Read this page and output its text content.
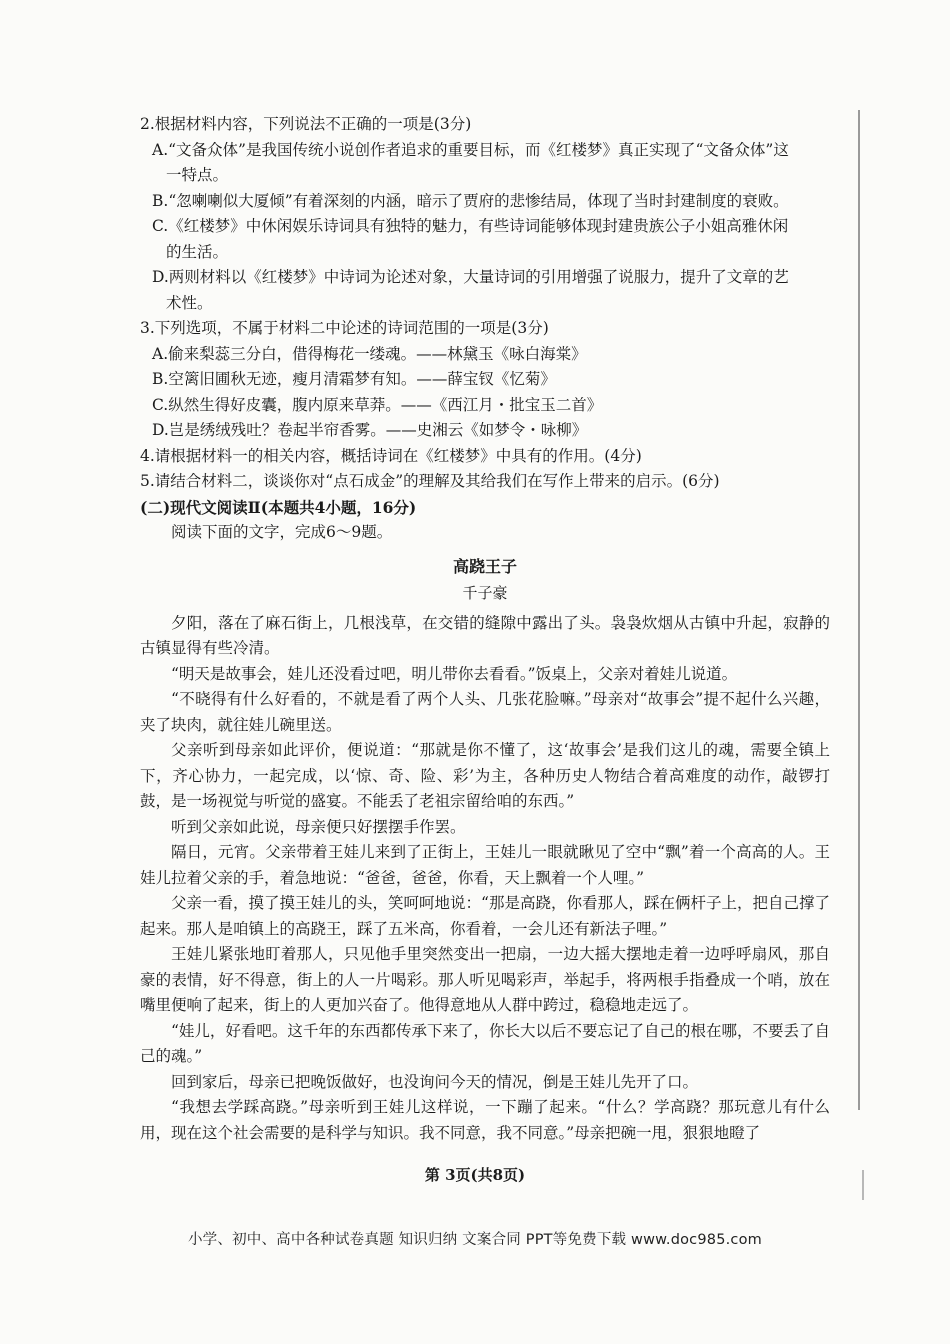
2.根据材料内容，下列说法不正确的一项是(3分)

A.“文备众体”是我国传统小说创作者追求的重要目标，而《红楼梦》真正实现了“文备众体”这

一特点。

B.“忽喇喇似大厦倾”有着深刻的内涵，暗示了贾府的悲惨结局，体现了当时封建制度的衰败。

C.《红楼梦》中休闲娱乐诗词具有独特的魅力，有些诗词能够体现封建贵族公子小姐高雅休闲

的生活。

D.两则材料以《红楼梦》中诗词为论述对象，大量诗词的引用增强了说服力，提升了文章的艺

术性。

3.下列选项，不属于材料二中论述的诗词范围的一项是(3分)

A.偷来梨蕊三分白，借得梅花一缕魂。——林黛玉《咏白海棠》

B.空篱旧圃秋无迹，瘦月清霜梦有知。——薛宝钗《忆菊》

C.纵然生得好皮囊，腹内原来草莽。——《西江月・批宝玉二首》

D.岂是绣绒残吐？卷起半帘香雾。——史湘云《如梦令・咏柳》

4.请根据材料一的相关内容，概括诗词在《红楼梦》中具有的作用。(4分)

5.请结合材料二，谈谈你对“点石成金”的理解及其给我们在写作上带来的启示。(6分)

(二)现代文阅读Ⅱ(本题共4小题，16分)

阅读下面的文字，完成6～9题。

高跷王子

千子豪

夕阳，落在了麻石街上，几根浅草，在交错的缝隙中露出了头。袅袅炊烟从古镇中升起，寂静的古镇显得有些冷清。

“明天是故事会，娃儿还没看过吧，明儿带你去看看。”饭桌上，父亲对着娃儿说道。

“不晓得有什么好看的，不就是看了两个人头、几张花脸嘛。”母亲对“故事会”提不起什么兴趣，夹了块肉，就往娃儿碗里送。

父亲听到母亲如此评价，便说道：“那就是你不懂了，这‘故事会’是我们这儿的魂，需要全镇上下，齐心协力，一起完成，以‘惊、奇、险、彩’为主，各种历史人物结合着高难度的动作，敲锣打鼓，是一场视觉与听觉的盛宴。不能丢了老祖宗留给咱的东西。”

听到父亲如此说，母亲便只好摆摆手作罢。

隔日，元宵。父亲带着王娃儿来到了正街上，王娃儿一眼就瞅见了空中“飘”着一个高高的人。王娃儿拉着父亲的手，着急地说：“爸爸，爸爸，你看，天上飘着一个人哩。”

父亲一看，摸了摸王娃儿的头，笑呵呵地说：“那是高跷，你看那人，踩在俩杆子上，把自己撑了起来。那人是咱镇上的高跷王，踩了五米高，你看着，一会儿还有新法子哩。”

王娃儿紧张地盯着那人，只见他手里突然变出一把扇，一边大摇大摆地走着一边呼呼扇风，那自豪的表情，好不得意，街上的人一片喝彩。那人听见喝彩声，举起手，将两根手指叠成一个哨，放在嘴里便响了起来，街上的人更加兴奋了。他得意地从人群中跨过，稳稳地走远了。

“娃儿，好看吧。这千年的东西都传承下来了，你长大以后不要忘记了自己的根在哪，不要丢了自己的魂。”

回到家后，母亲已把晚饭做好，也没询问今天的情况，倒是王娃儿先开了口。

“我想去学踩高跷。”母亲听到王娃儿这样说，一下蹦了起来。“什么？学高跷？那玩意儿有什么用，现在这个社会需要的是科学与知识。我不同意，我不同意。”母亲把碗一甩，狠狠地瞪了

第 3页(共8页)
小学、初中、高中各种试卷真题 知识归纳 文案合同 PPT等免费下载 www.doc985.com
